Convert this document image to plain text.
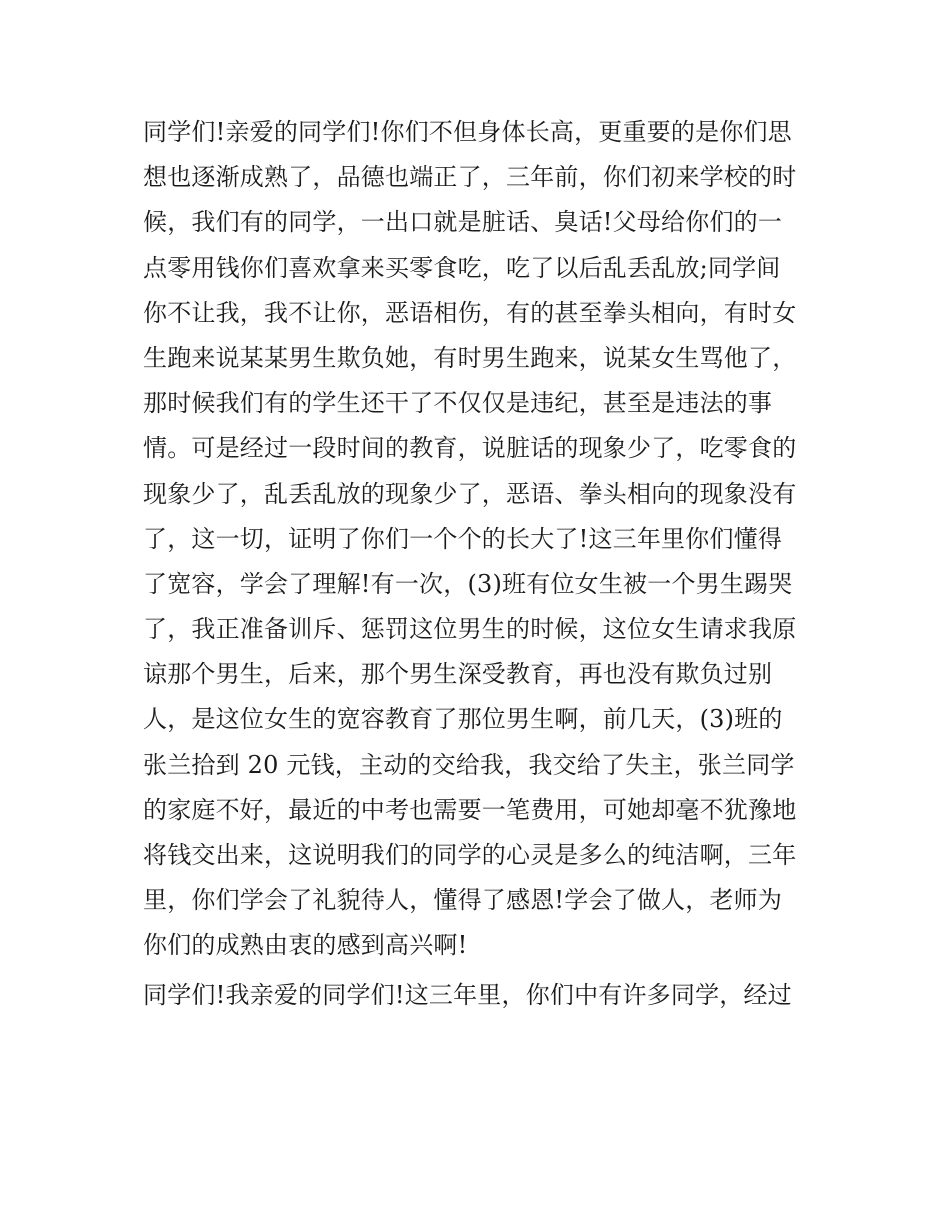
同学们!亲爱的同学们!你们不但身体长高，更重要的是你们思
想也逐渐成熟了，品德也端正了，三年前，你们初来学校的时
候，我们有的同学，一出口就是脏话、臭话!父母给你们的一
点零用钱你们喜欢拿来买零食吃，吃了以后乱丢乱放;同学间
你不让我，我不让你，恶语相伤，有的甚至拳头相向，有时女
生跑来说某某男生欺负她，有时男生跑来，说某女生骂他了，
那时候我们有的学生还干了不仅仅是违纪，甚至是违法的事
情。可是经过一段时间的教育，说脏话的现象少了，吃零食的
现象少了，乱丢乱放的现象少了，恶语、拳头相向的现象没有
了，这一切，证明了你们一个个的长大了!这三年里你们懂得
了宽容，学会了理解!有一次，(3)班有位女生被一个男生踢哭
了，我正准备训斥、惩罚这位男生的时候，这位女生请求我原
谅那个男生，后来，那个男生深受教育，再也没有欺负过别
人，是这位女生的宽容教育了那位男生啊，前几天，(3)班的
张兰拾到 20 元钱，主动的交给我，我交给了失主，张兰同学
的家庭不好，最近的中考也需要一笔费用，可她却毫不犹豫地
将钱交出来，这说明我们的同学的心灵是多么的纯洁啊，三年
里，你们学会了礼貌待人，懂得了感恩!学会了做人，老师为
你们的成熟由衷的感到高兴啊!
同学们!我亲爱的同学们!这三年里，你们中有许多同学，经过
